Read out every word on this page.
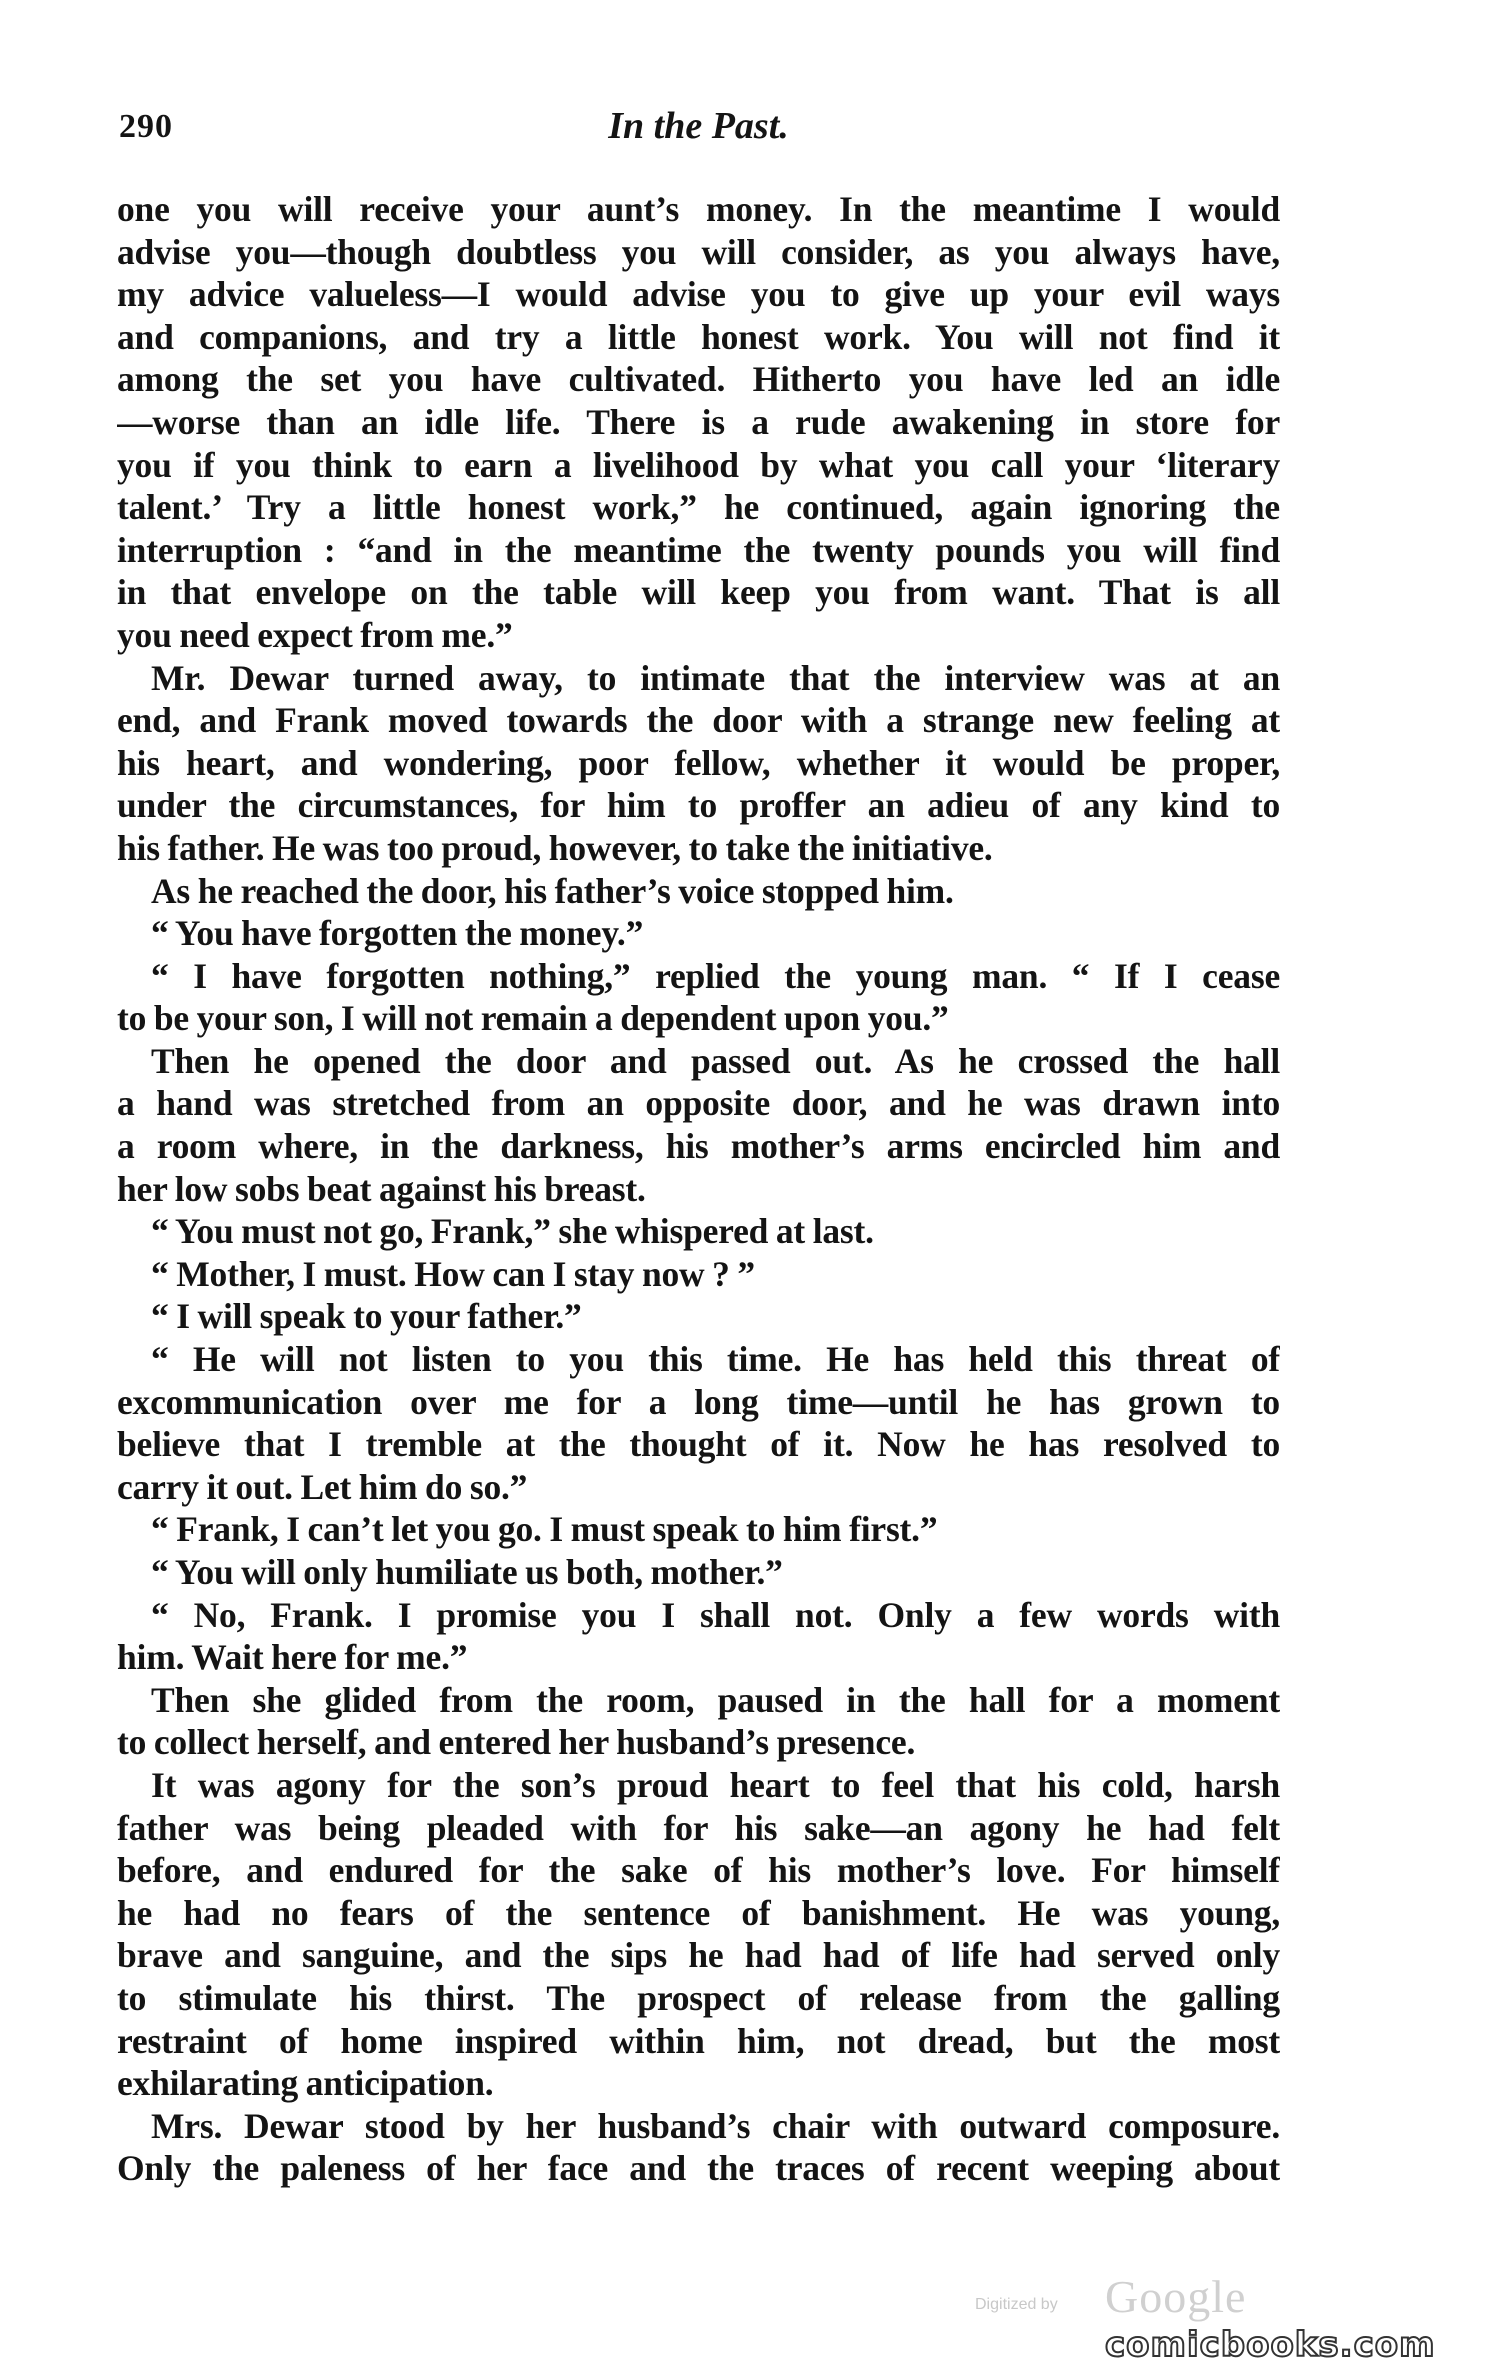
290	In the Past.
one you will receive your aunt’s money. In the meantime I would
advise you—though doubtless you will consider, as you always have,
my advice valueless—I would advise you to give up your evil ways
and companions, and try a little honest work. You will not find it
among the set you have cultivated. Hitherto you have led an idle
—worse than an idle life. There is a rude awakening in store for
you if you think to earn a livelihood by what you call your ‘literary
talent.’ Try a little honest work,” he continued, again ignoring the
interruption : “and in the meantime the twenty pounds you will find
in that envelope on the table will keep you from want. That is all
you need expect from me.”
Mr. Dewar turned away, to intimate that the interview was at an
end, and Frank moved towards the door with a strange new feeling at
his heart, and wondering, poor fellow, whether it would be proper,
under the circumstances, for him to proffer an adieu of any kind to
his father. He was too proud, however, to take the initiative.
As he reached the door, his father’s voice stopped him.
“ You have forgotten the money.”
“ I have forgotten nothing,” replied the young man. “ If I cease
to be your son, I will not remain a dependent upon you.”
Then he opened the door and passed out. As he crossed the hall
a hand was stretched from an opposite door, and he was drawn into
a room where, in the darkness, his mother’s arms encircled him and
her low sobs beat against his breast.
“ You must not go, Frank,” she whispered at last.
“ Mother, I must. How can I stay now ? ”
“ I will speak to your father.”
“ He will not listen to you this time. He has held this threat of
excommunication over me for a long time—until he has grown to
believe that I tremble at the thought of it. Now he has resolved to
carry it out. Let him do so.”
“ Frank, I can’t let you go. I must speak to him first.”
“ You will only humiliate us both, mother.”
“ No, Frank. I promise you I shall not. Only a few words with
him. Wait here for me.”
Then she glided from the room, paused in the hall for a moment
to collect herself, and entered her husband’s presence.
It was agony for the son’s proud heart to feel that his cold, harsh
father was being pleaded with for his sake—an agony he had felt
before, and endured for the sake of his mother’s love. For himself
he had no fears of the sentence of banishment. He was young,
brave and sanguine, and the sips he had had of life had served only
to stimulate his thirst. The prospect of release from the galling
restraint of home inspired within him, not dread, but the most
exhilarating anticipation.
Mrs. Dewar stood by her husband’s chair with outward composure.
Only the paleness of her face and the traces of recent weeping about
Digitized by Google
comicbooks.com
